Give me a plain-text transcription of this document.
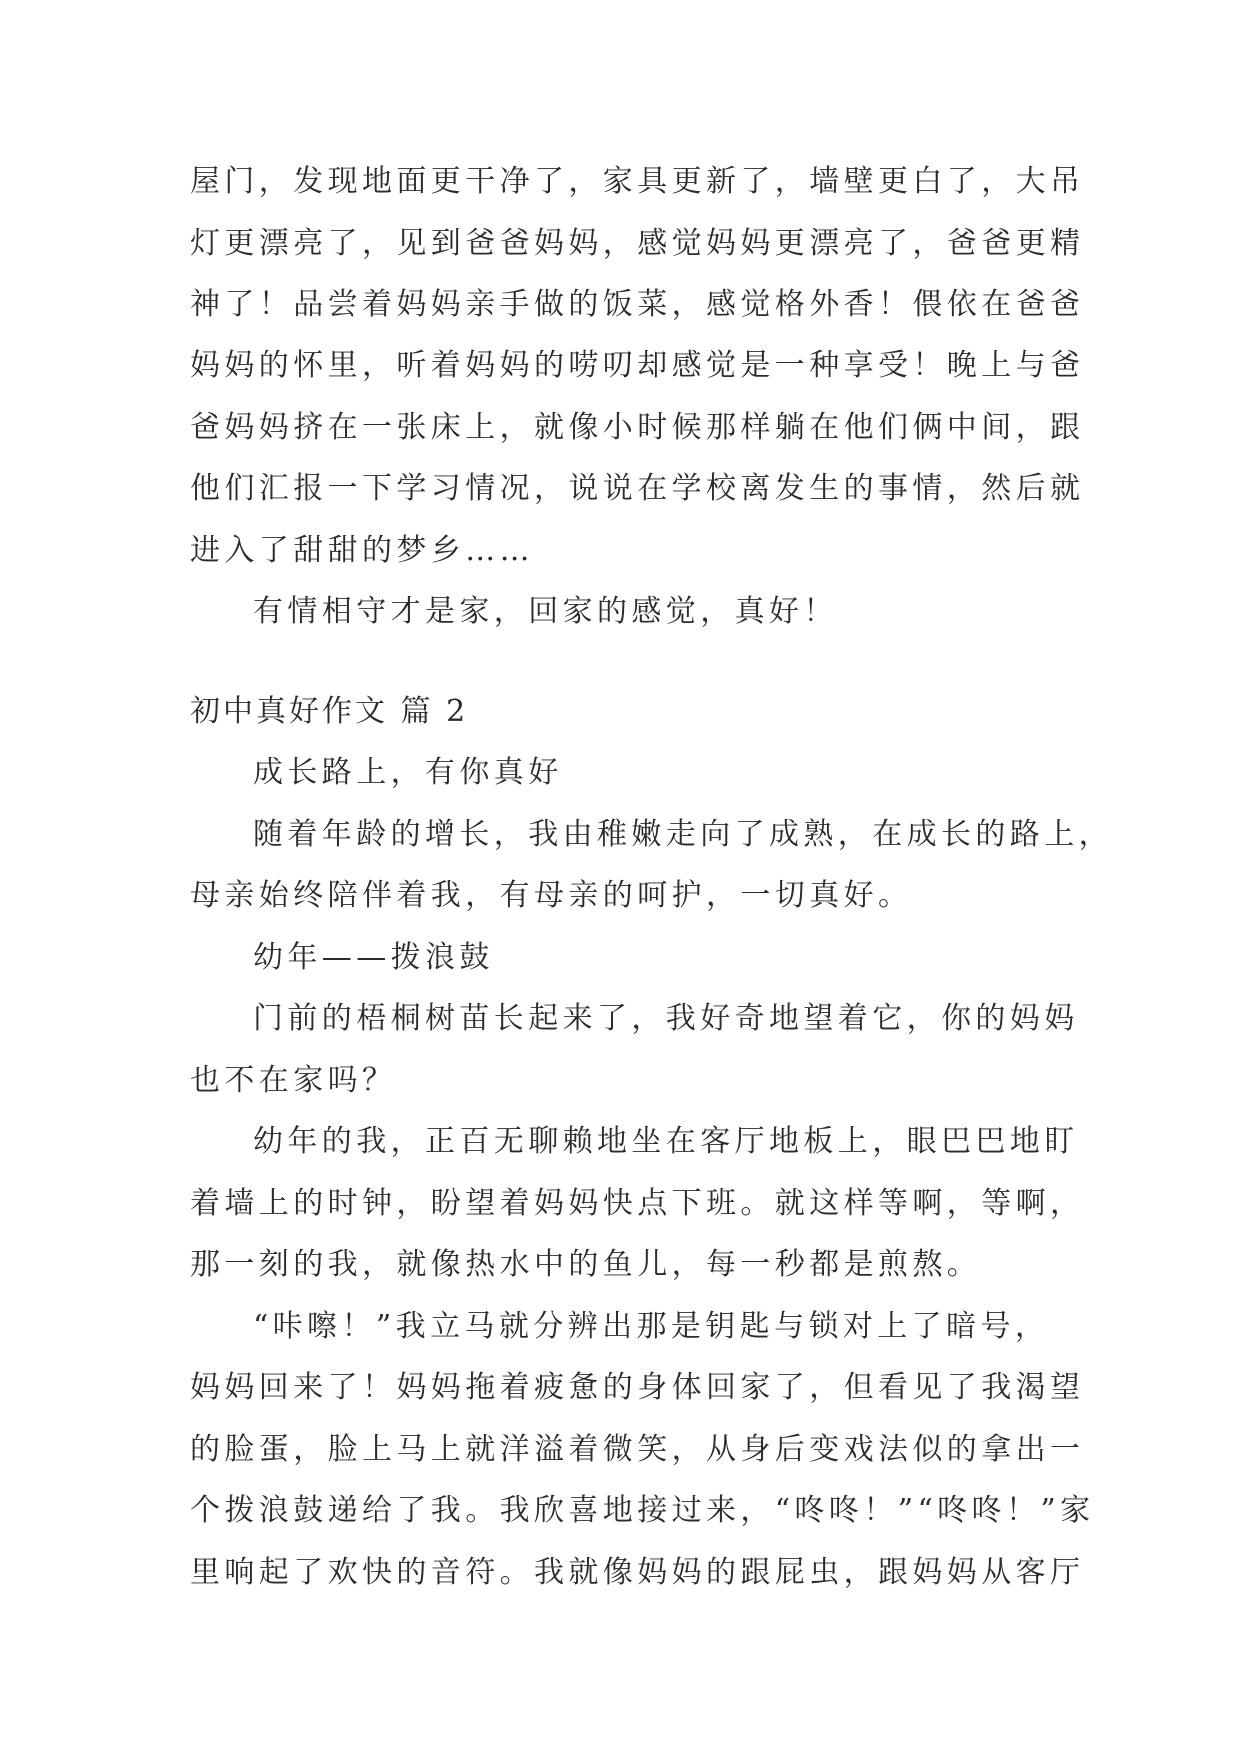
屋门，发现地面更干净了，家具更新了，墙壁更白了，大吊

灯更漂亮了，见到爸爸妈妈，感觉妈妈更漂亮了，爸爸更精

神了！品尝着妈妈亲手做的饭菜，感觉格外香！偎依在爸爸

妈妈的怀里，听着妈妈的唠叨却感觉是一种享受！晚上与爸

爸妈妈挤在一张床上，就像小时候那样躺在他们俩中间，跟

他们汇报一下学习情况，说说在学校离发生的事情，然后就

进入了甜甜的梦乡……

有情相守才是家，回家的感觉，真好！

初中真好作文 篇 2

成长路上，有你真好

随着年龄的增长，我由稚嫩走向了成熟，在成长的路上，

母亲始终陪伴着我，有母亲的呵护，一切真好。

幼年——拨浪鼓

门前的梧桐树苗长起来了，我好奇地望着它，你的妈妈

也不在家吗？

幼年的我，正百无聊赖地坐在客厅地板上，眼巴巴地盯

着墙上的时钟，盼望着妈妈快点下班。就这样等啊，等啊，

那一刻的我，就像热水中的鱼儿，每一秒都是煎熬。

“咔嚓！”我立马就分辨出那是钥匙与锁对上了暗号，

妈妈回来了！妈妈拖着疲惫的身体回家了，但看见了我渴望

的脸蛋，脸上马上就洋溢着微笑，从身后变戏法似的拿出一

个拨浪鼓递给了我。我欣喜地接过来，“咚咚！”“咚咚！”家

里响起了欢快的音符。我就像妈妈的跟屁虫，跟妈妈从客厅
